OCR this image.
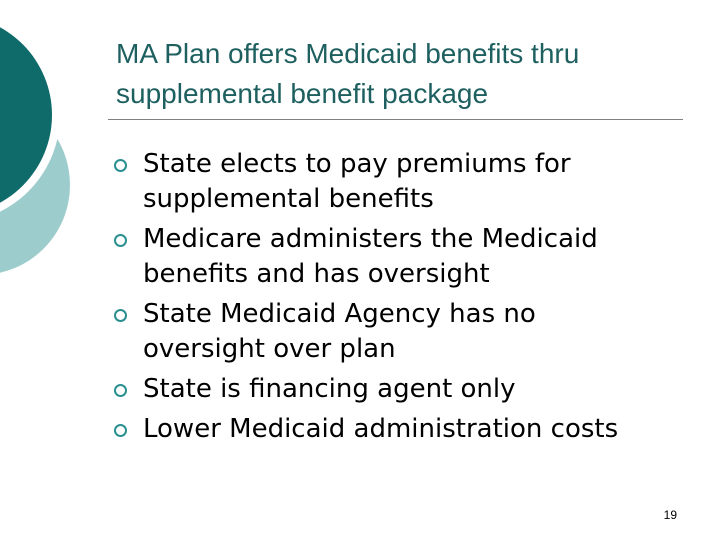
MA Plan offers Medicaid benefits thru
supplemental benefit package
State elects to pay premiums for
supplemental benefits
Medicare administers the Medicaid
benefits and has oversight
State Medicaid Agency has no
oversight over plan
State is financing agent only
Lower Medicaid administration costs
19
